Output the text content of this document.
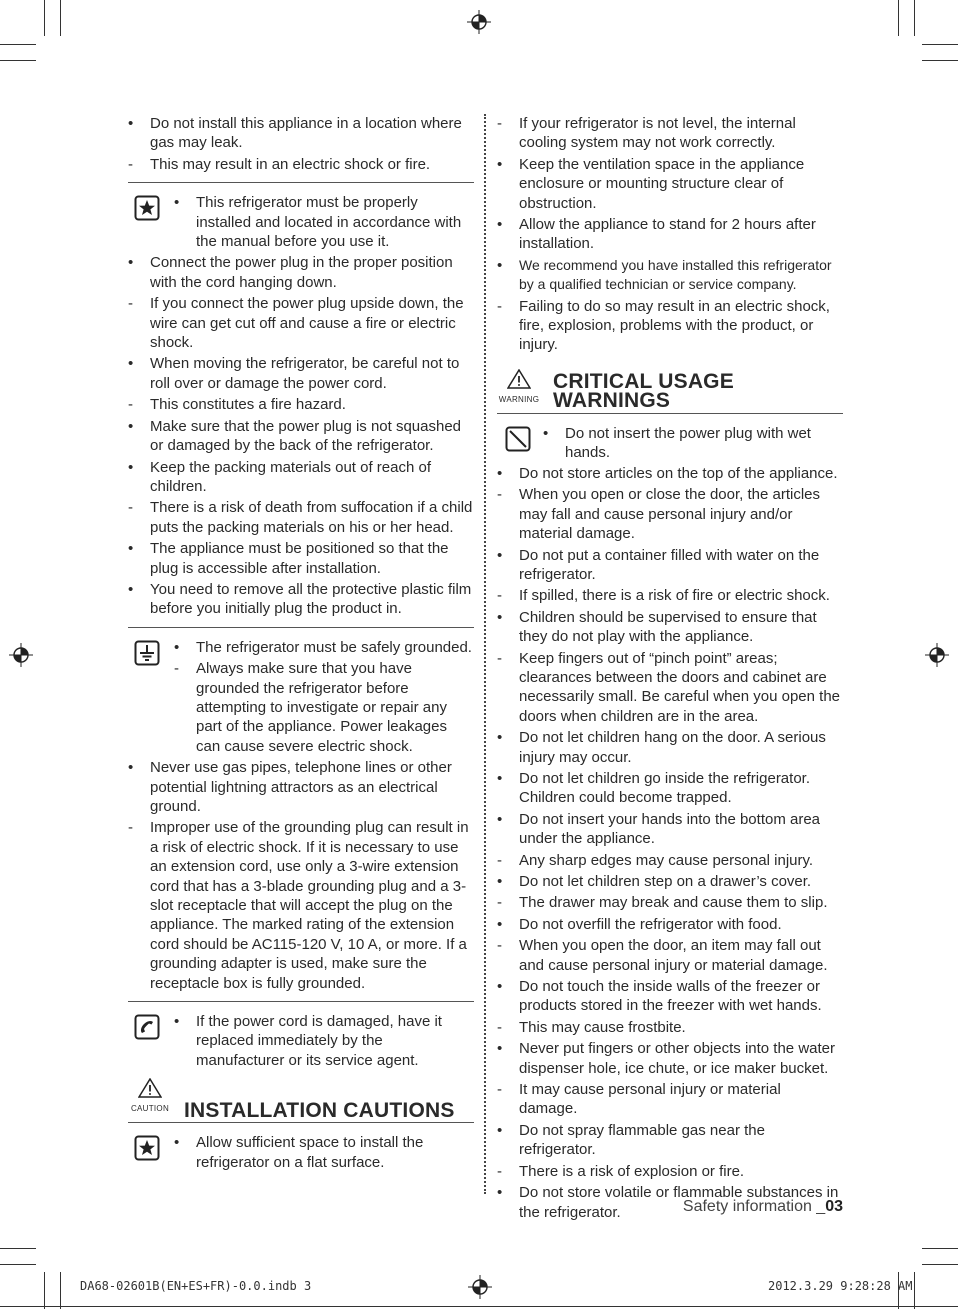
•
Do not install this appliance in a location where gas may leak.
-
This may result in an electric shock or fire.
•
This refrigerator must be properly installed and located in accordance with the manual before you use it.
•
Connect the power plug in the proper position with the cord hanging down.
-
If you connect the power plug upside down, the wire can get cut off and cause a fire or electric shock.
•
When moving the refrigerator, be careful not to roll over or damage the power cord.
-
This constitutes a fire hazard.
•
Make sure that the power plug is not squashed or damaged by the back of the refrigerator.
•
Keep the packing materials out of reach of children.
-
There is a risk of death from suffocation if a child puts the packing materials on his or her head.
•
The appliance must be positioned so that the plug is accessible after installation.
•
You need to remove all the protective plastic film before you initially plug the product in.
•
The refrigerator must be safely grounded.
-
Always make sure that you have grounded the refrigerator before attempting to investigate or repair any part of the appliance. Power leakages can cause severe electric shock.
•
Never use gas pipes, telephone lines or other potential lightning attractors as an electrical ground.
-
Improper use of the grounding plug can result in a risk of electric shock. If it is necessary to use an extension cord, use only a 3-wire extension cord that has a 3-blade grounding plug and a 3-slot receptacle that will accept the plug on the appliance. The marked rating of the extension cord should be AC115-120 V, 10 A, or more. If a grounding adapter is used, make sure the receptacle box is fully grounded.
•
If the power cord is damaged, have it replaced immediately by the manufacturer or its service agent.
CAUTION INSTALLATION CAUTIONS
•
Allow sufficient space to install the refrigerator on a flat surface.
-
If your refrigerator is not level, the internal cooling system may not work correctly.
•
Keep the ventilation space in the appliance enclosure or mounting structure clear of obstruction.
•
Allow the appliance to stand for 2 hours after installation.
•
We recommend you have installed this refrigerator by a qualified technician or service company.
-
Failing to do so may result in an electric shock, fire, explosion, problems with the product, or injury.
WARNING
CRITICAL USAGE WARNINGS
•
Do not insert the power plug with wet hands.
•
Do not store articles on the top of the appliance.
-
When you open or close the door, the articles may fall and cause personal injury and/or material damage.
•
Do not put a container filled with water on the refrigerator.
-
If spilled, there is a risk of fire or electric shock.
•
Children should be supervised to ensure that they do not play with the appliance.
-
Keep fingers out of “pinch point” areas; clearances between the doors and cabinet are necessarily small. Be careful when you open the doors when children are in the area.
•
Do not let children hang on the door. A serious injury may occur.
•
Do not let children go inside the refrigerator. Children could become trapped.
•
Do not insert your hands into the bottom area under the appliance.
-
Any sharp edges may cause personal injury.
•
Do not let children step on a drawer’s cover.
-
The drawer may break and cause them to slip.
•
Do not overfill the refrigerator with food.
-
When you open the door, an item may fall out and cause personal injury or material damage.
•
Do not touch the inside walls of the freezer or products stored in the freezer with wet hands.
-
This may cause frostbite.
•
Never put fingers or other objects into the water dispenser hole, ice chute, or ice maker bucket.
-
It may cause personal injury or material damage.
•
Do not spray flammable gas near the refrigerator.
-
There is a risk of explosion or fire.
•
Do not store volatile or flammable substances in the refrigerator.	Safety information _03
DA68-02601B(EN+ES+FR)-0.0.indb 3	2012.3.29 9:28:28 AM
